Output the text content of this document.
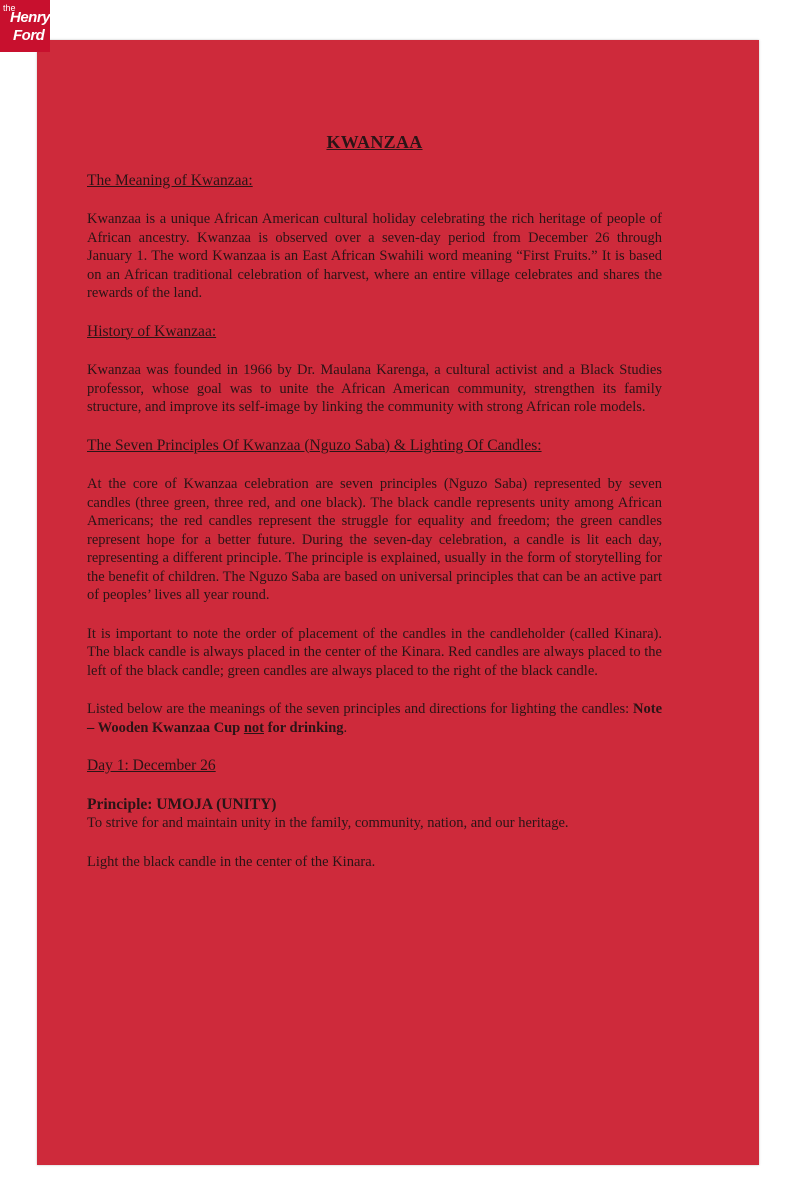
the
Henry
Ford
KWANZAA
The Meaning of Kwanzaa:

Kwanzaa is a unique African American cultural holiday celebrating the rich heritage of people of African ancestry. Kwanzaa is observed over a seven-day period from December 26 through January 1. The word Kwanzaa is an East African Swahili word meaning “First Fruits.” It is based on an African traditional celebration of harvest, where an entire village celebrates and shares the rewards of the land.

History of Kwanzaa:

Kwanzaa was founded in 1966 by Dr. Maulana Karenga, a cultural activist and a Black Studies professor, whose goal was to unite the African American community, strengthen its family structure, and improve its self-image by linking the community with strong African role models.

The Seven Principles Of Kwanzaa (Nguzo Saba) & Lighting Of Candles:

At the core of Kwanzaa celebration are seven principles (Nguzo Saba) represented by seven candles (three green, three red, and one black). The black candle represents unity among African Americans; the red candles represent the struggle for equality and freedom; the green candles represent hope for a better future. During the seven-day celebration, a candle is lit each day, representing a different principle. The principle is explained, usually in the form of storytelling for the benefit of children. The Nguzo Saba are based on universal principles that can be an active part of peoples’ lives all year round.

It is important to note the order of placement of the candles in the candleholder (called Kinara). The black candle is always placed in the center of the Kinara. Red candles are always placed to the left of the black candle; green candles are always placed to the right of the black candle.

Listed below are the meanings of the seven principles and directions for lighting the candles: Note – Wooden Kwanzaa Cup not for drinking.

Day 1: December 26
Principle: UMOJA (UNITY)

To strive for and maintain unity in the family, community, nation, and our heritage.

Light the black candle in the center of the Kinara.
